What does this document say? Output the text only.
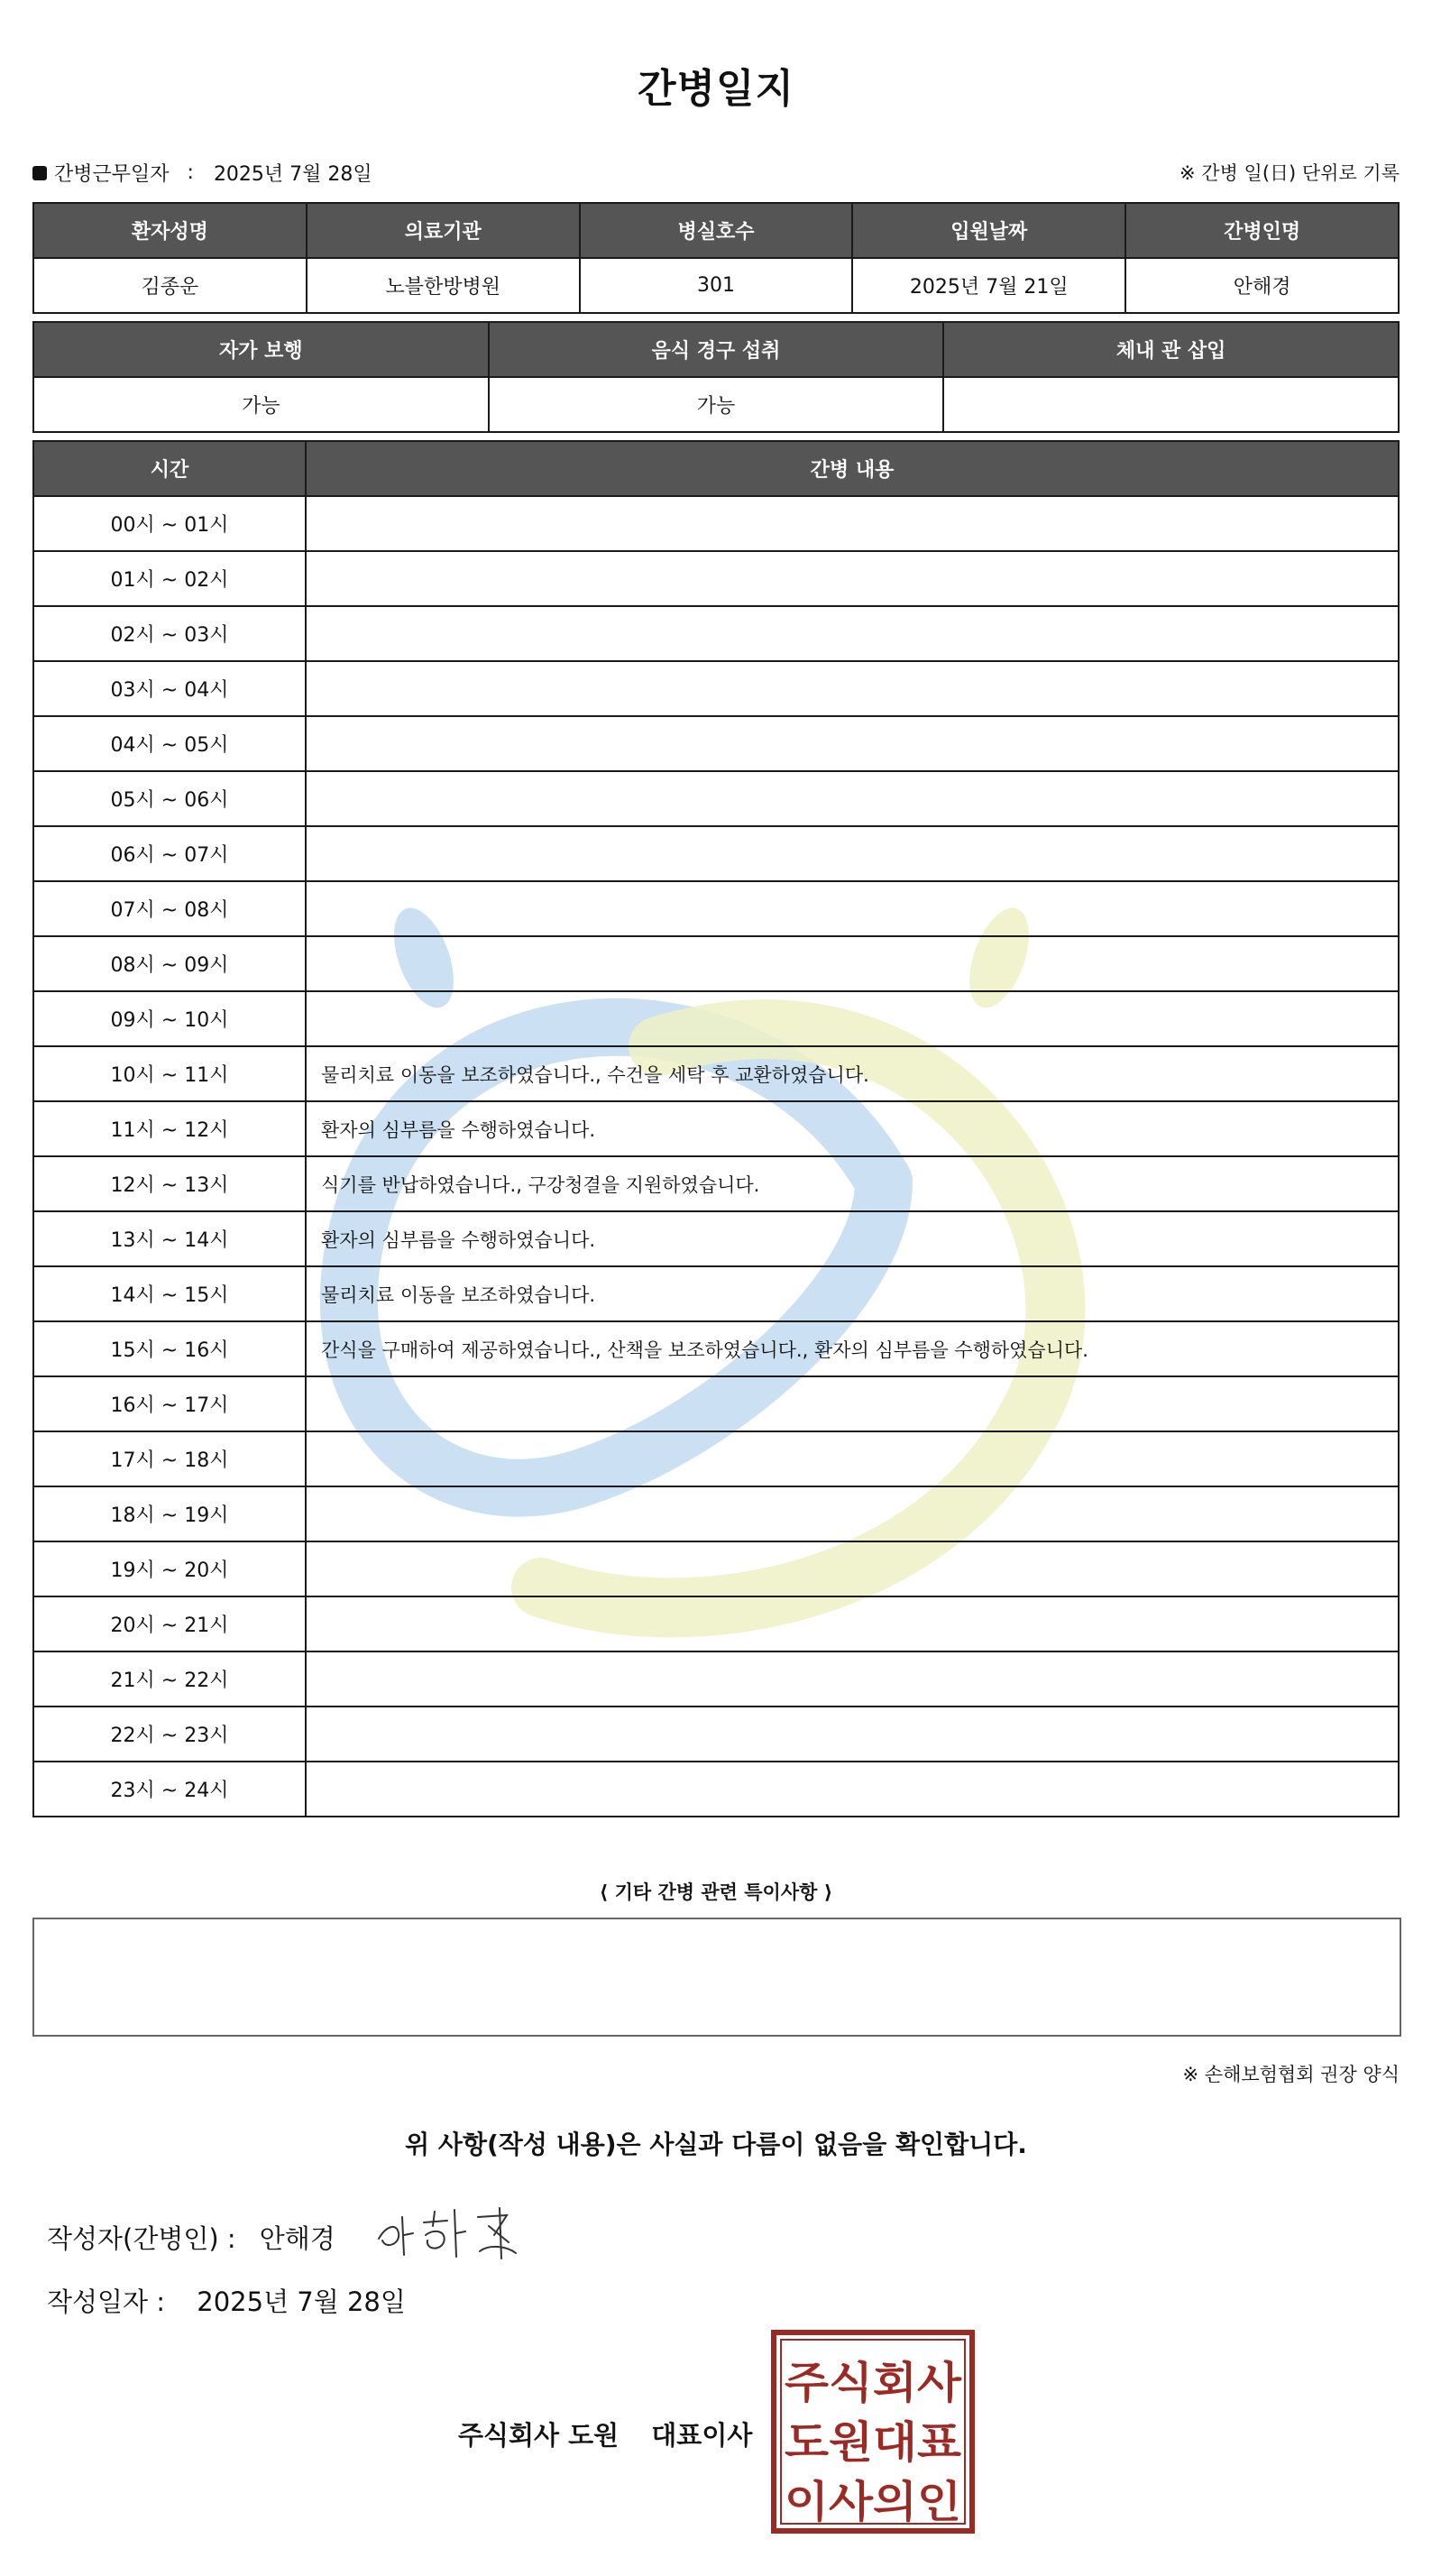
간병일지
간병근무일자 : 2025년 7월 28일	※ 간병 일(日) 단위로 기록
환자성명	의료기관	병실호수	입원날짜	간병인명
김종운	노블한방병원	301	2025년 7월 21일	안해경
자가 보행	음식 경구 섭취	체내 관 삽입
가능	가능	
시간	간병 내용
00시 ~ 01시	
01시 ~ 02시	
02시 ~ 03시	
03시 ~ 04시	
04시 ~ 05시	
05시 ~ 06시	
06시 ~ 07시	
07시 ~ 08시	
08시 ~ 09시	
09시 ~ 10시	
10시 ~ 11시	물리치료 이동을 보조하였습니다., 수건을 세탁 후 교환하였습니다.
11시 ~ 12시	환자의 심부름을 수행하였습니다.
12시 ~ 13시	식기를 반납하였습니다., 구강청결을 지원하였습니다.
13시 ~ 14시	환자의 심부름을 수행하였습니다.
14시 ~ 15시	물리치료 이동을 보조하였습니다.
15시 ~ 16시	간식을 구매하여 제공하였습니다., 산책을 보조하였습니다., 환자의 심부름을 수행하였습니다.
16시 ~ 17시	
17시 ~ 18시	
18시 ~ 19시	
19시 ~ 20시	
20시 ~ 21시	
21시 ~ 22시	
22시 ~ 23시	
23시 ~ 24시	
⟨ 기타 간병 관련 특이사항 ⟩
※ 손해보험협회 권장 양식
위 사항(작성 내용)은 사실과 다름이 없음을 확인합니다.
작성자(간병인) : 안해경
작성일자 : 2025년 7월 28일
주식회사 도원 대표이사
주식회사
도원대표
이사의인
